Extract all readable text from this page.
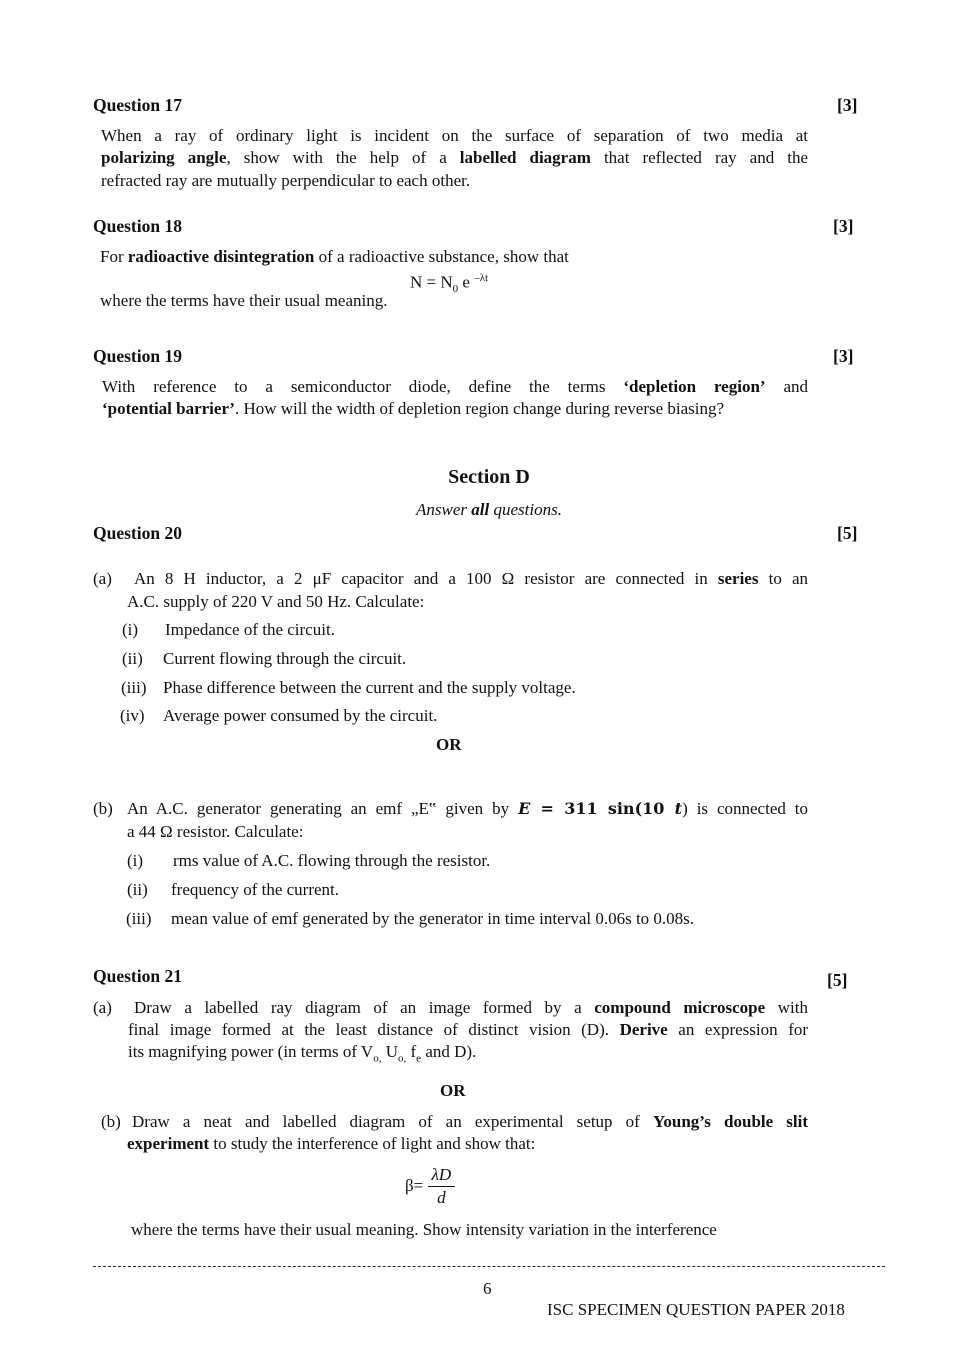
Question 17	[3]
When a ray of ordinary light is incident on the surface of separation of two media at
polarizing angle, show with the help of a labelled diagram that reflected ray and the
refracted ray are mutually perpendicular to each other.
Question 18	[3]
For radioactive disintegration of a radioactive substance, show that
$N = N_0$ e $^{-\lambda t}$
where the terms have their usual meaning.
Question 19	[3]
With reference to a semiconductor diode, define the terms ‘depletion region’ and
‘potential barrier’. How will the width of depletion region change during reverse biasing?
Section D
Answer all questions.
Question 20	[5]
(a) An 8 H inductor, a 2 μF capacitor and a 100 Ω resistor are connected in series to an
A.C. supply of 220 V and 50 Hz. Calculate:
(i) Impedance of the circuit.
(ii) Current flowing through the circuit.
(iii) Phase difference between the current and the supply voltage.
(iv) Average power consumed by the circuit.
OR
(b) An A.C. generator generating an emf „E‟ given by E = 311 sin(10 t) is connected to
a 44 Ω resistor. Calculate:
(i) rms value of A.C. flowing through the resistor.
(ii) frequency of the current.
(iii) mean value of emf generated by the generator in time interval 0.06s to 0.08s.
Question 21	[5]
(a) Draw a labelled ray diagram of an image formed by a compound microscope with
final image formed at the least distance of distinct vision (D). Derive an expression for
its magnifying power (in terms of $V_{o,}$ $U_{o,}$ $f_e$ and D).
OR
(b) Draw a neat and labelled diagram of an experimental setup of Young’s double slit
experiment to study the interference of light and show that:
$\beta= \frac{\lambda D}{d}$
where the terms have their usual meaning. Show intensity variation in the interference
6
ISC SPECIMEN QUESTION PAPER 2018
